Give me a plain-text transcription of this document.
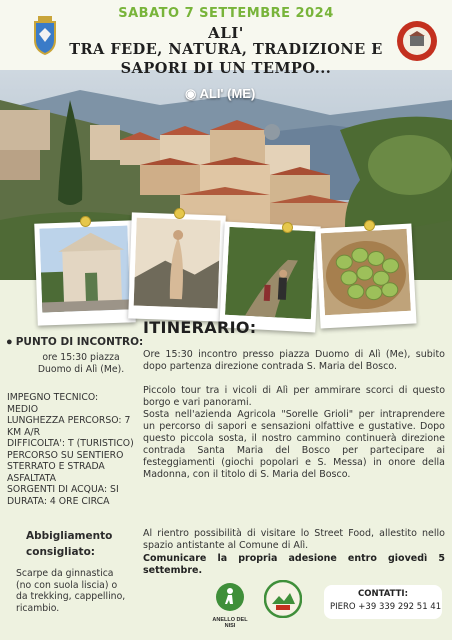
SABATO 7 SETTEMBRE 2024
ALI'
TRA FEDE, NATURA, TRADIZIONE E
SAPORI DI UN TEMPO...
◉ ALI' (ME)
● PUNTO DI INCONTRO:
ore 15:30 piazza
Duomo di Alì (Me).
IMPEGNO TECNICO:
MEDIO
LUNGHEZZA PERCORSO: 7
KM A/R
DIFFICOLTA': T (TURISTICO)
PERCORSO SU SENTIERO
STERRATO E STRADA
ASFALTATA
SORGENTI DI ACQUA: SI
DURATA: 4 ORE CIRCA
Abbigliamento
consigliato:
Scarpe da ginnastica
(no con suola liscia) o
da trekking, cappellino,
ricambio.
ITINERARIO:
Ore 15:30 incontro presso piazza Duomo di Alì (Me), subito dopo partenza direzione contrada S. Maria del Bosco.
Piccolo tour tra i vicoli di Alì per ammirare scorci di questo borgo e vari panorami.
Sosta nell'azienda Agricola "Sorelle Grioli" per intraprendere un percorso di sapori e sensazioni olfattive e gustative. Dopo questo piccola sosta, il nostro cammino continuerà direzione contrada Santa Maria del Bosco per partecipare ai festeggiamenti (giochi popolari e S. Messa) in onore della Madonna, con il titolo di S. Maria del Bosco.
Al rientro possibilità di visitare lo Street Food, allestito nello spazio antistante al Comune di Alì.
Comunicare la propria adesione entro giovedì 5 settembre.
ANELLO DEL NISI
CONTATTI:
PIERO +39 339 292 51 41
